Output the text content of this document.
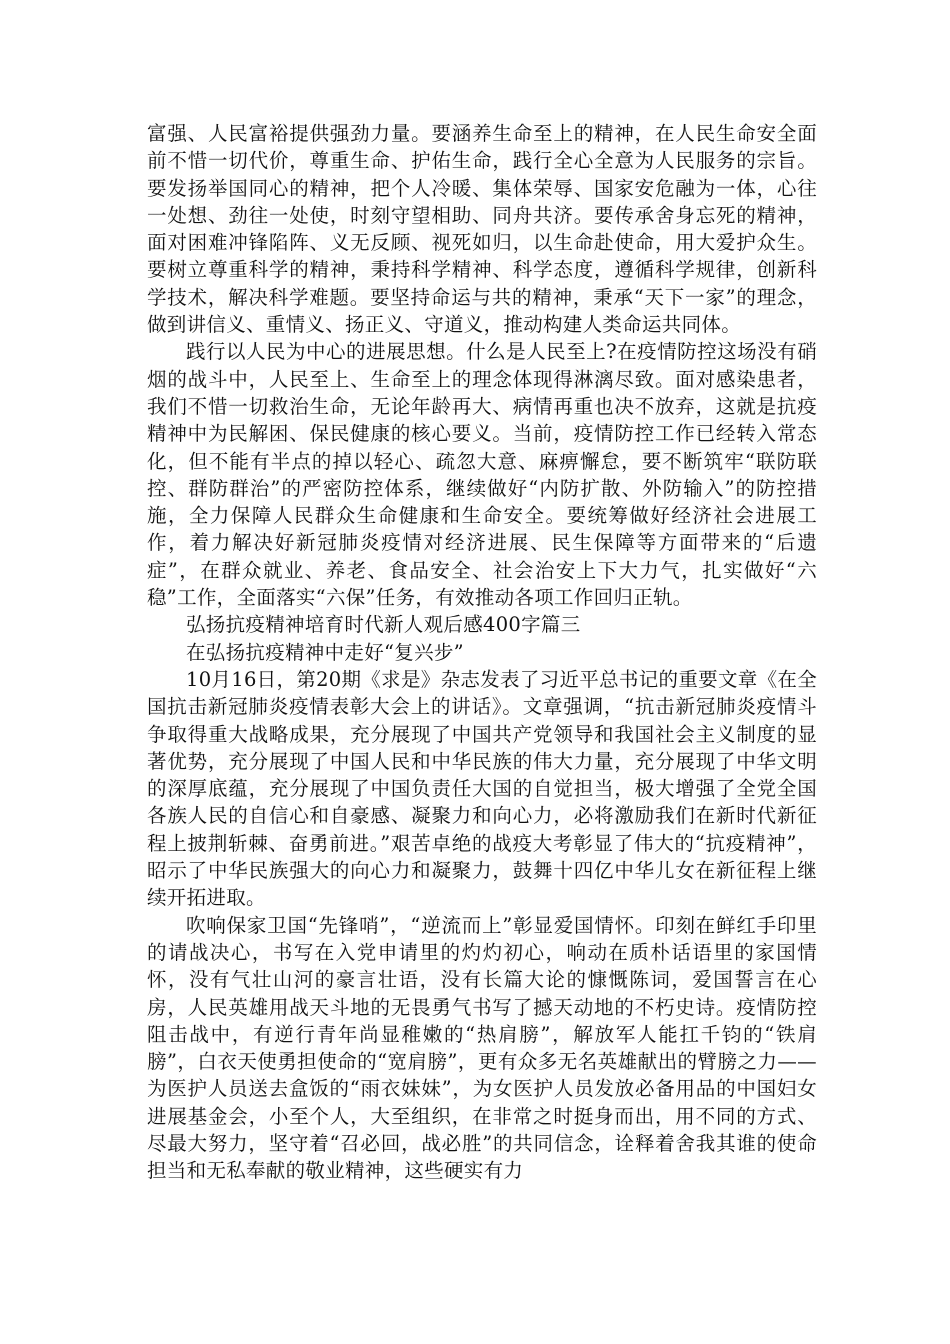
富强、人民富裕提供强劲力量。要涵养生命至上的精神，在人民生命安全面前不惜一切代价，尊重生命、护佑生命，践行全心全意为人民服务的宗旨。要发扬举国同心的精神，把个人冷暖、集体荣辱、国家安危融为一体，心往一处想、劲往一处使，时刻守望相助、同舟共济。要传承舍身忘死的精神，面对困难冲锋陷阵、义无反顾、视死如归，以生命赴使命，用大爱护众生。要树立尊重科学的精神，秉持科学精神、科学态度，遵循科学规律，创新科学技术，解决科学难题。要坚持命运与共的精神，秉承“天下一家”的理念，做到讲信义、重情义、扬正义、守道义，推动构建人类命运共同体。

践行以人民为中心的进展思想。什么是人民至上?在疫情防控这场没有硝烟的战斗中，人民至上、生命至上的理念体现得淋漓尽致。面对感染患者，我们不惜一切救治生命，无论年龄再大、病情再重也决不放弃，这就是抗疫精神中为民解困、保民健康的核心要义。当前，疫情防控工作已经转入常态化，但不能有半点的掉以轻心、疏忽大意、麻痹懈怠，要不断筑牢“联防联控、群防群治”的严密防控体系，继续做好“内防扩散、外防输入”的防控措施，全力保障人民群众生命健康和生命安全。要统筹做好经济社会进展工作，着力解决好新冠肺炎疫情对经济进展、民生保障等方面带来的“后遗症”，在群众就业、养老、食品安全、社会治安上下大力气，扎实做好“六稳”工作，全面落实“六保”任务，有效推动各项工作回归正轨。

弘扬抗疫精神培育时代新人观后感400字篇三

在弘扬抗疫精神中走好“复兴步”

10月16日，第20期《求是》杂志发表了习近平总书记的重要文章《在全国抗击新冠肺炎疫情表彰大会上的讲话》。文章强调，“抗击新冠肺炎疫情斗争取得重大战略成果，充分展现了中国共产党领导和我国社会主义制度的显著优势，充分展现了中国人民和中华民族的伟大力量，充分展现了中华文明的深厚底蕴，充分展现了中国负责任大国的自觉担当，极大增强了全党全国各族人民的自信心和自豪感、凝聚力和向心力，必将激励我们在新时代新征程上披荆斩棘、奋勇前进。”艰苦卓绝的战疫大考彰显了伟大的“抗疫精神”，昭示了中华民族强大的向心力和凝聚力，鼓舞十四亿中华儿女在新征程上继续开拓进取。

吹响保家卫国“先锋哨”，“逆流而上”彰显爱国情怀。印刻在鲜红手印里的请战决心，书写在入党申请里的灼灼初心，响动在质朴话语里的家国情怀，没有气壮山河的豪言壮语，没有长篇大论的慷慨陈词，爱国誓言在心房，人民英雄用战天斗地的无畏勇气书写了撼天动地的不朽史诗。疫情防控阻击战中，有逆行青年尚显稚嫩的“热肩膀”，解放军人能扛千钧的“铁肩膀”，白衣天使勇担使命的“宽肩膀”，更有众多无名英雄献出的臂膀之力——为医护人员送去盒饭的“雨衣妹妹”，为女医护人员发放必备用品的中国妇女进展基金会，小至个人，大至组织，在非常之时挺身而出，用不同的方式、尽最大努力，坚守着“召必回，战必胜”的共同信念，诠释着舍我其谁的使命担当和无私奉献的敬业精神，这些硬实有力
